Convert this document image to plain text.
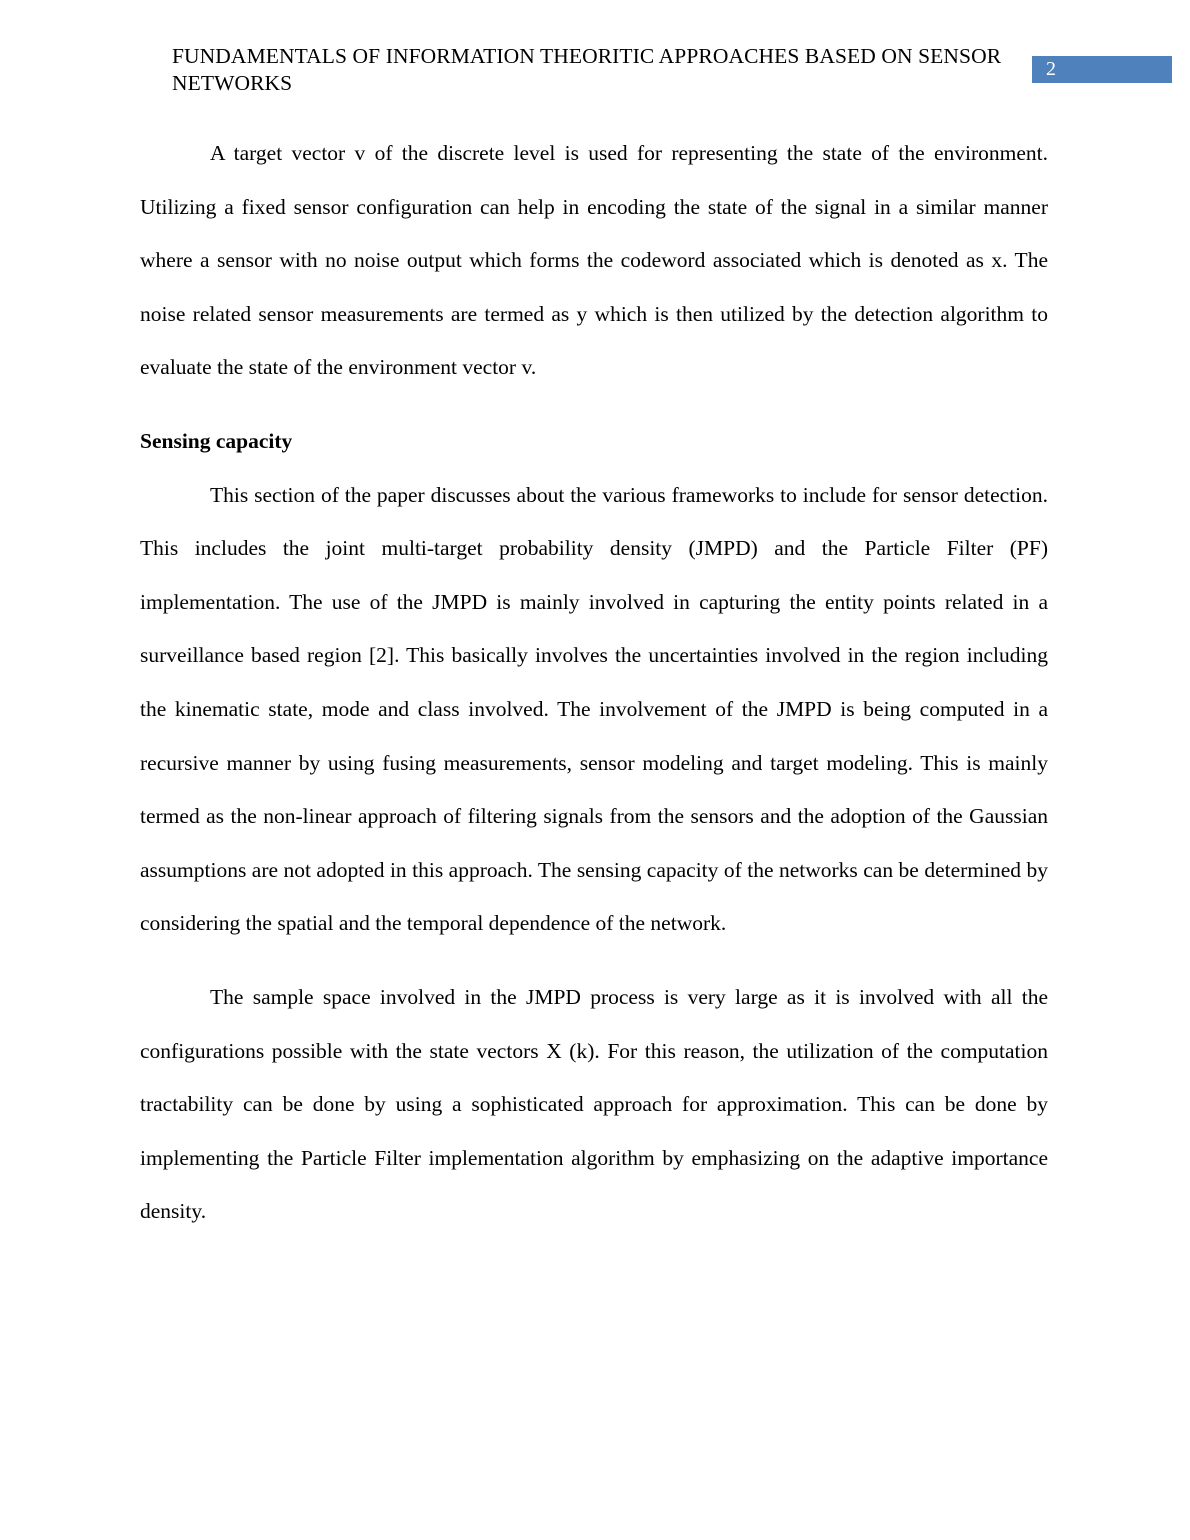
FUNDAMENTALS OF INFORMATION THEORITIC APPROACHES BASED ON SENSOR NETWORKS
2

A target vector v of the discrete level is used for representing the state of the environment. Utilizing a fixed sensor configuration can help in encoding the state of the signal in a similar manner where a sensor with no noise output which forms the codeword associated which is denoted as x. The noise related sensor measurements are termed as y which is then utilized by the detection algorithm to evaluate the state of the environment vector v.

Sensing capacity

This section of the paper discusses about the various frameworks to include for sensor detection. This includes the joint multi-target probability density (JMPD) and the Particle Filter (PF) implementation. The use of the JMPD is mainly involved in capturing the entity points related in a surveillance based region [2]. This basically involves the uncertainties involved in the region including the kinematic state, mode and class involved. The involvement of the JMPD is being computed in a recursive manner by using fusing measurements, sensor modeling and target modeling. This is mainly termed as the non-linear approach of filtering signals from the sensors and the adoption of the Gaussian assumptions are not adopted in this approach. The sensing capacity of the networks can be determined by considering the spatial and the temporal dependence of the network.

The sample space involved in the JMPD process is very large as it is involved with all the configurations possible with the state vectors X (k). For this reason, the utilization of the computation tractability can be done by using a sophisticated approach for approximation. This can be done by implementing the Particle Filter implementation algorithm by emphasizing on the adaptive importance density.
